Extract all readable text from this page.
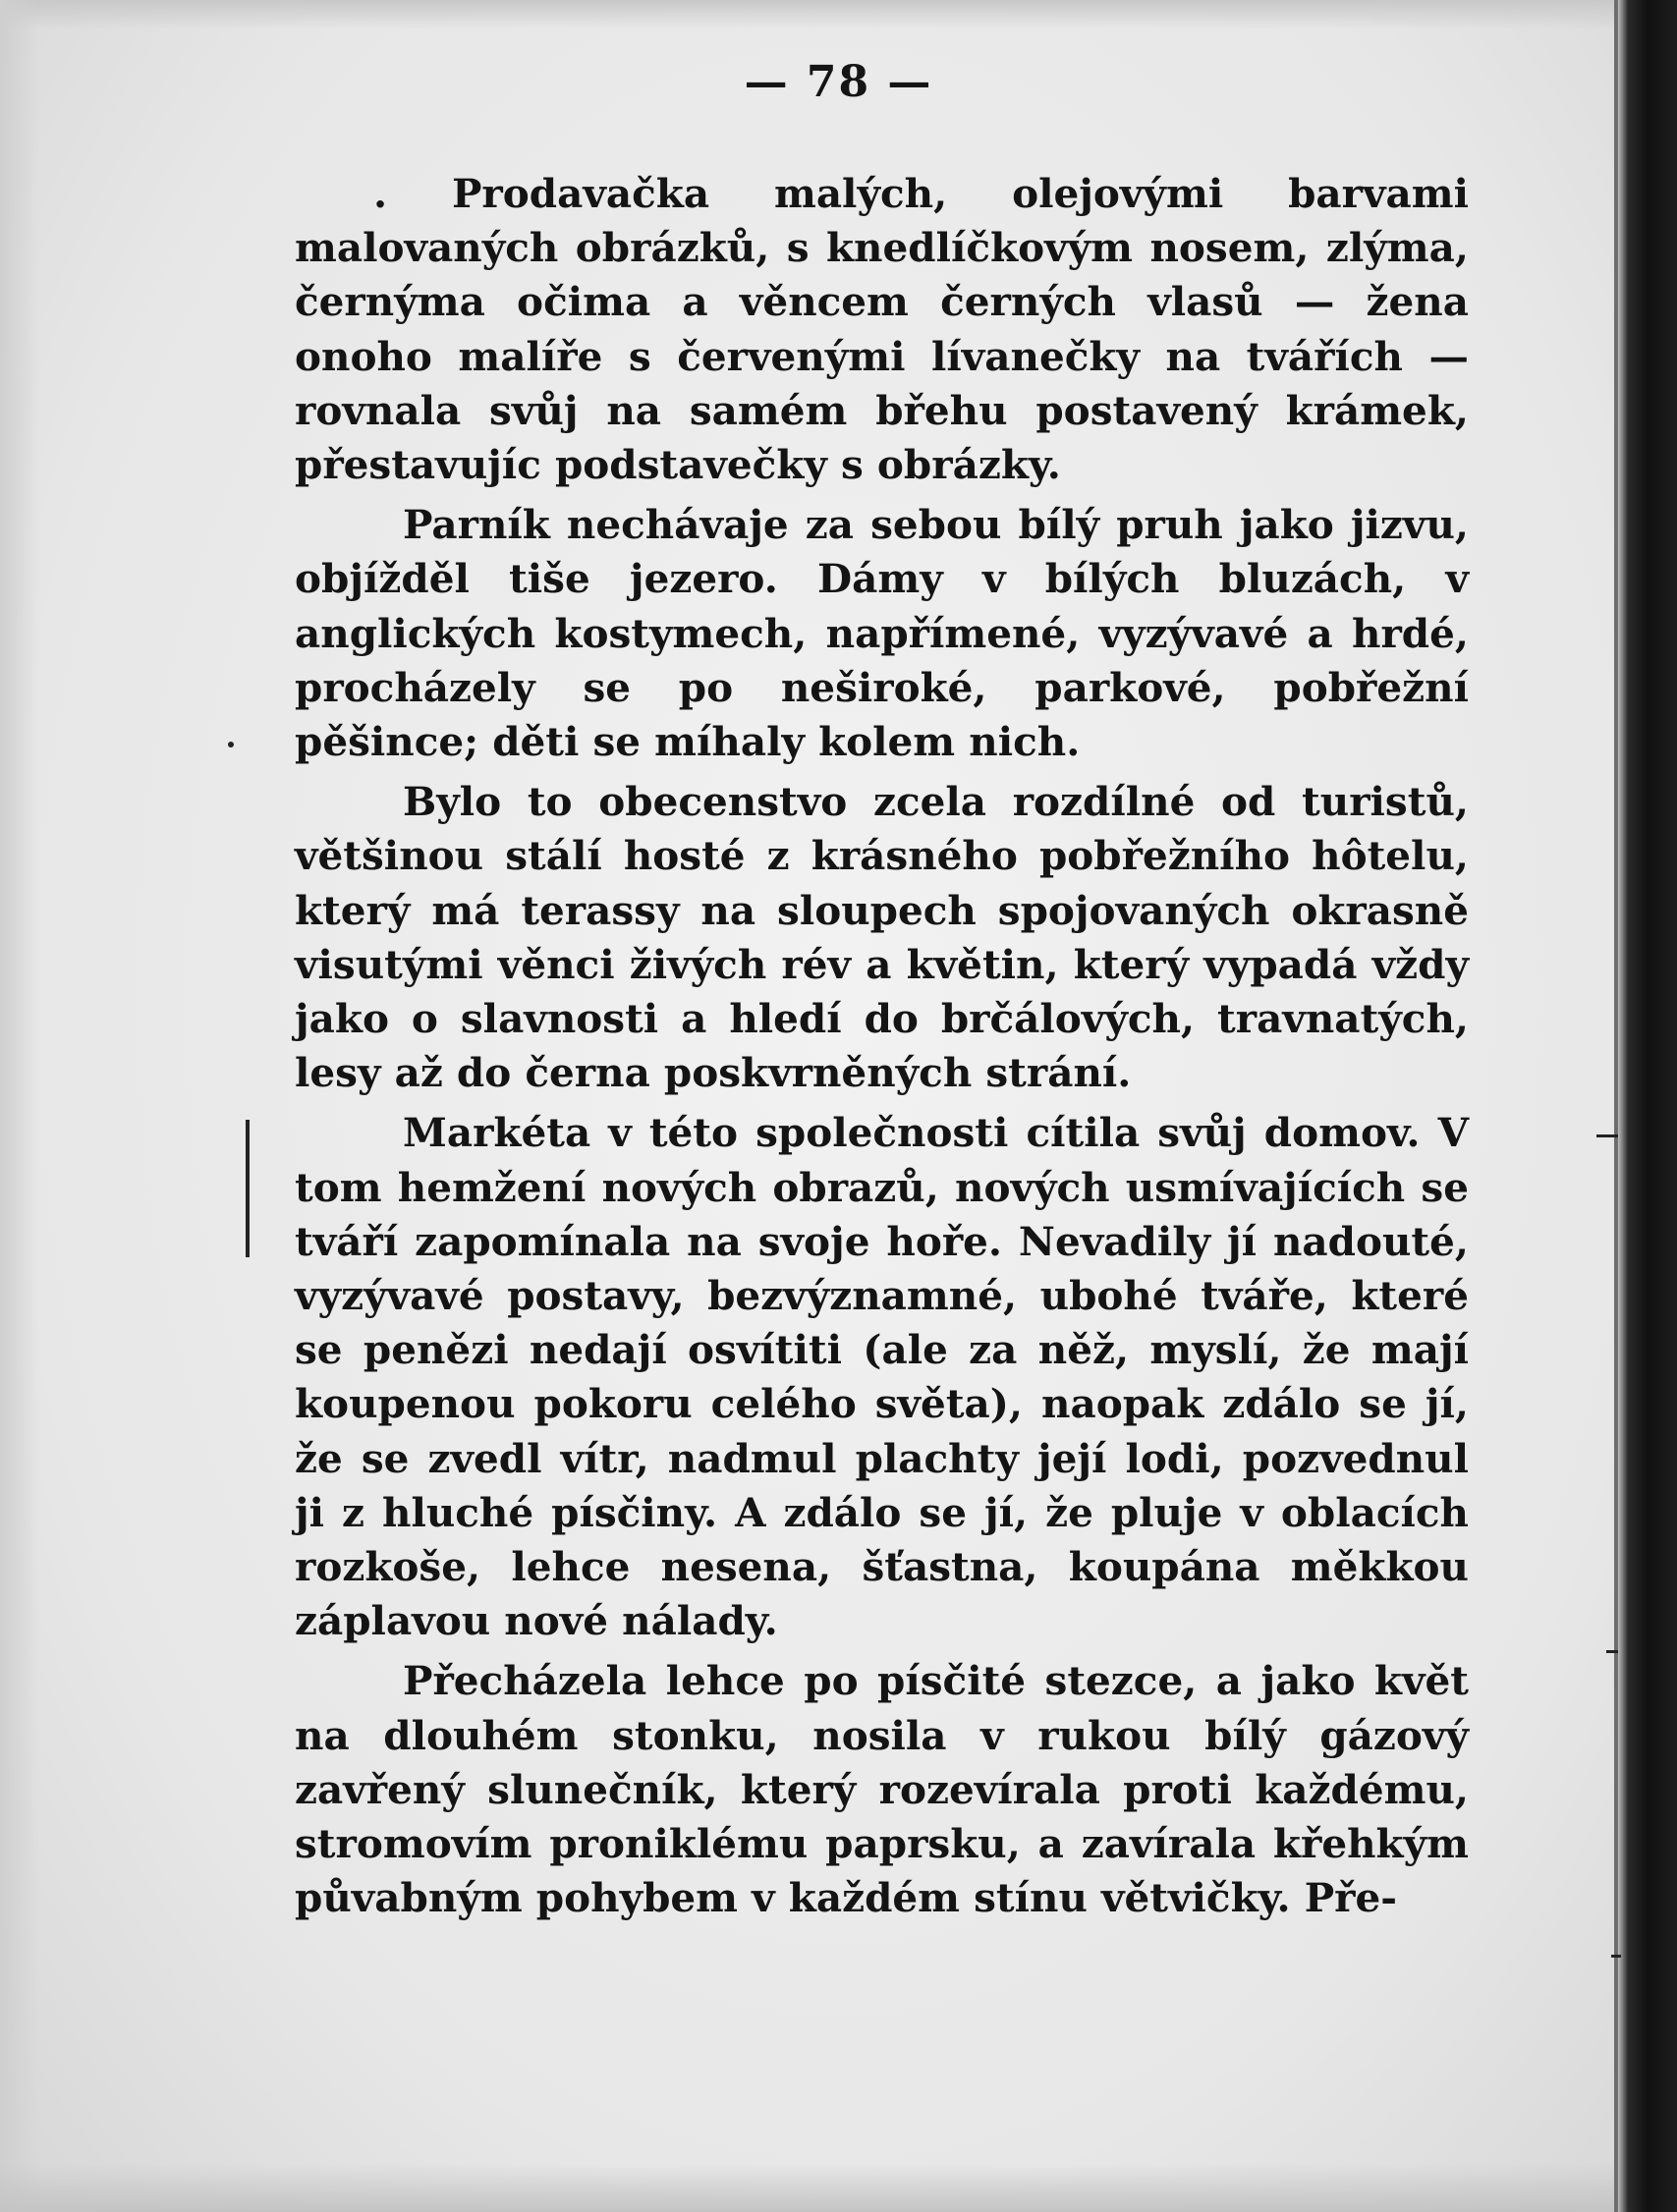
— 78 —

. Prodavačka malých, olejovými barvami malovaných obrázků, s knedlíčkovým nosem, zlýma, černýma očima a věncem černých vlasů — žena onoho malíře s červenými lívanečky na tvářích — rovnala svůj na samém břehu postavený krámek, přestavujíc podstavečky s obrázky.

Parník nechávaje za sebou bílý pruh jako jizvu, objížděl tiše jezero. Dámy v bílých bluzách, v anglických kostymech, napřímené, vyzývavé a hrdé, procházely se po neširoké, parkové, pobřežní pěšince; děti se míhaly kolem nich.

Bylo to obecenstvo zcela rozdílné od turistů, většinou stálí hosté z krásného pobřežního hôtelu, který má terassy na sloupech spojovaných okrasně visutými věnci živých rév a květin, který vypadá vždy jako o slavnosti a hledí do brčálových, travnatých, lesy až do černa poskvrněných strání.

Markéta v této společnosti cítila svůj domov. V tom hemžení nových obrazů, nových usmívajících se tváří zapomínala na svoje hoře. Nevadily jí nadouté, vyzývavé postavy, bezvýznamné, ubohé tváře, které se penězi nedají osvítiti (ale za něž, myslí, že mají koupenou pokoru celého světa), naopak zdálo se jí, že se zvedl vítr, nadmul plachty její lodi, pozvednul ji z hluché písčiny. A zdálo se jí, že pluje v oblacích rozkoše, lehce nesena, šťastna, koupána měkkou záplavou nové nálady.

Přecházela lehce po písčité stezce, a jako květ na dlouhém stonku, nosila v rukou bílý gázový zavřený slunečník, který rozevírala proti každému, stromovím proniklému paprsku, a zavírala křehkým půvabným pohybem v každém stínu větvičky. Pře-
